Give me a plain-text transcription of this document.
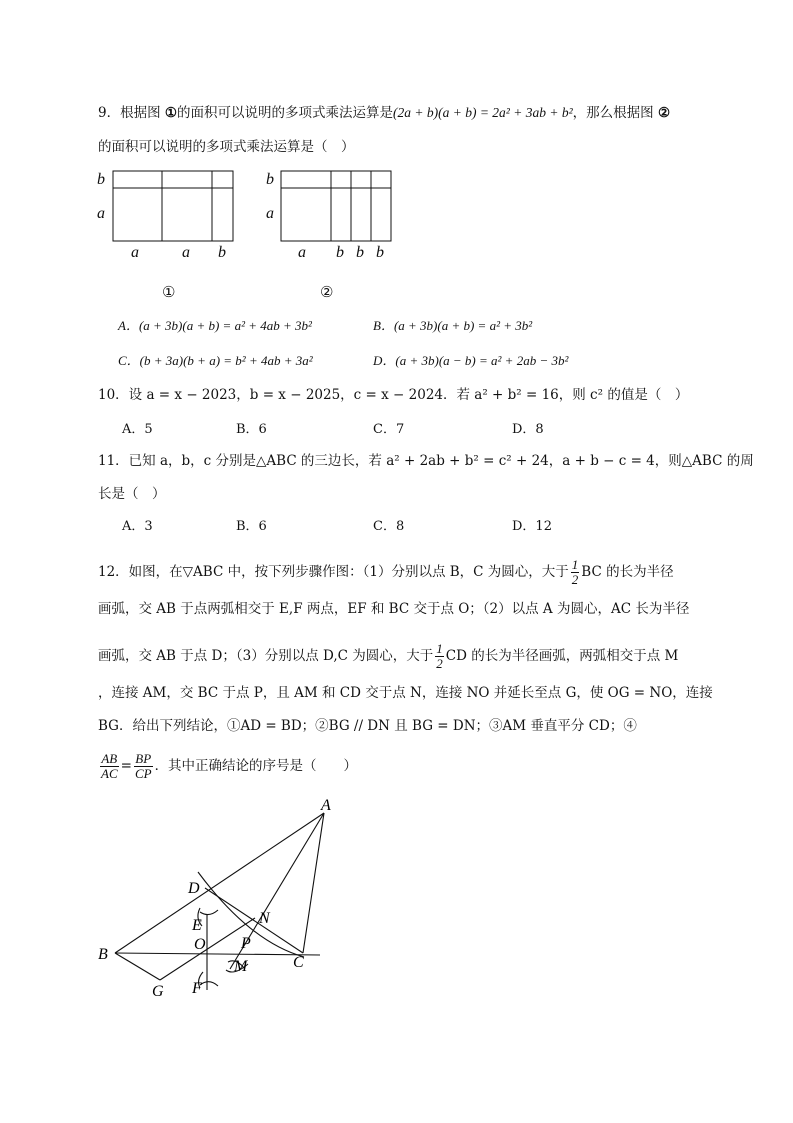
9．根据图 ①的面积可以说明的多项式乘法运算是(2a + b)(a + b) = 2a² + 3ab + b²，那么根据图 ②
的面积可以说明的多项式乘法运算是（　）
b
a
a	a b
①
b
a
a b b b
②
A．(a + 3b)(a + b) = a² + 4ab + 3b²	B．(a + 3b)(a + b) = a² + 3b²
C．(b + 3a)(b + a) = b² + 4ab + 3a²	D．(a + 3b)(a − b) = a² + 2ab − 3b²
10．设 a = x − 2023，b = x − 2025，c = x − 2024．若 a² + b² = 16，则 c² 的值是（　）
A．5	B．6	C．7	D．8
11．已知 a，b，c 分别是△ABC 的三边长，若 a² + 2ab + b² = c² + 24，a + b − c = 4，则△ABC 的周
长是（　）
A．3	B．6	C．8	D．12
12．如图，在▽ABC 中，按下列步骤作图：（1）分别以点 B，C 为圆心，大于 $\frac{1}{2}$ BC 的长为半径
画弧，交 AB 于点两弧相交于 E,F 两点，EF 和 BC 交于点 O；（2）以点 A 为圆心，AC 长为半径
画弧，交 AB 于点 D；（3）分别以点 D,C 为圆心，大于 $\frac{1}{2}$ CD 的长为半径画弧，两弧相交于点 M
，连接 AM，交 BC 于点 P，且 AM 和 CD 交于点 N，连接 NO 并延长至点 G，使 OG = NO，连接
BG．给出下列结论，①AD = BD；②BG // DN 且 BG = DN；③AM 垂直平分 CD；④
$\frac{AB}{AC} = \frac{BP}{CP}$ ．其中正确结论的序号是（　　）
A
B	C
D
E
F
G
M
N
O P
